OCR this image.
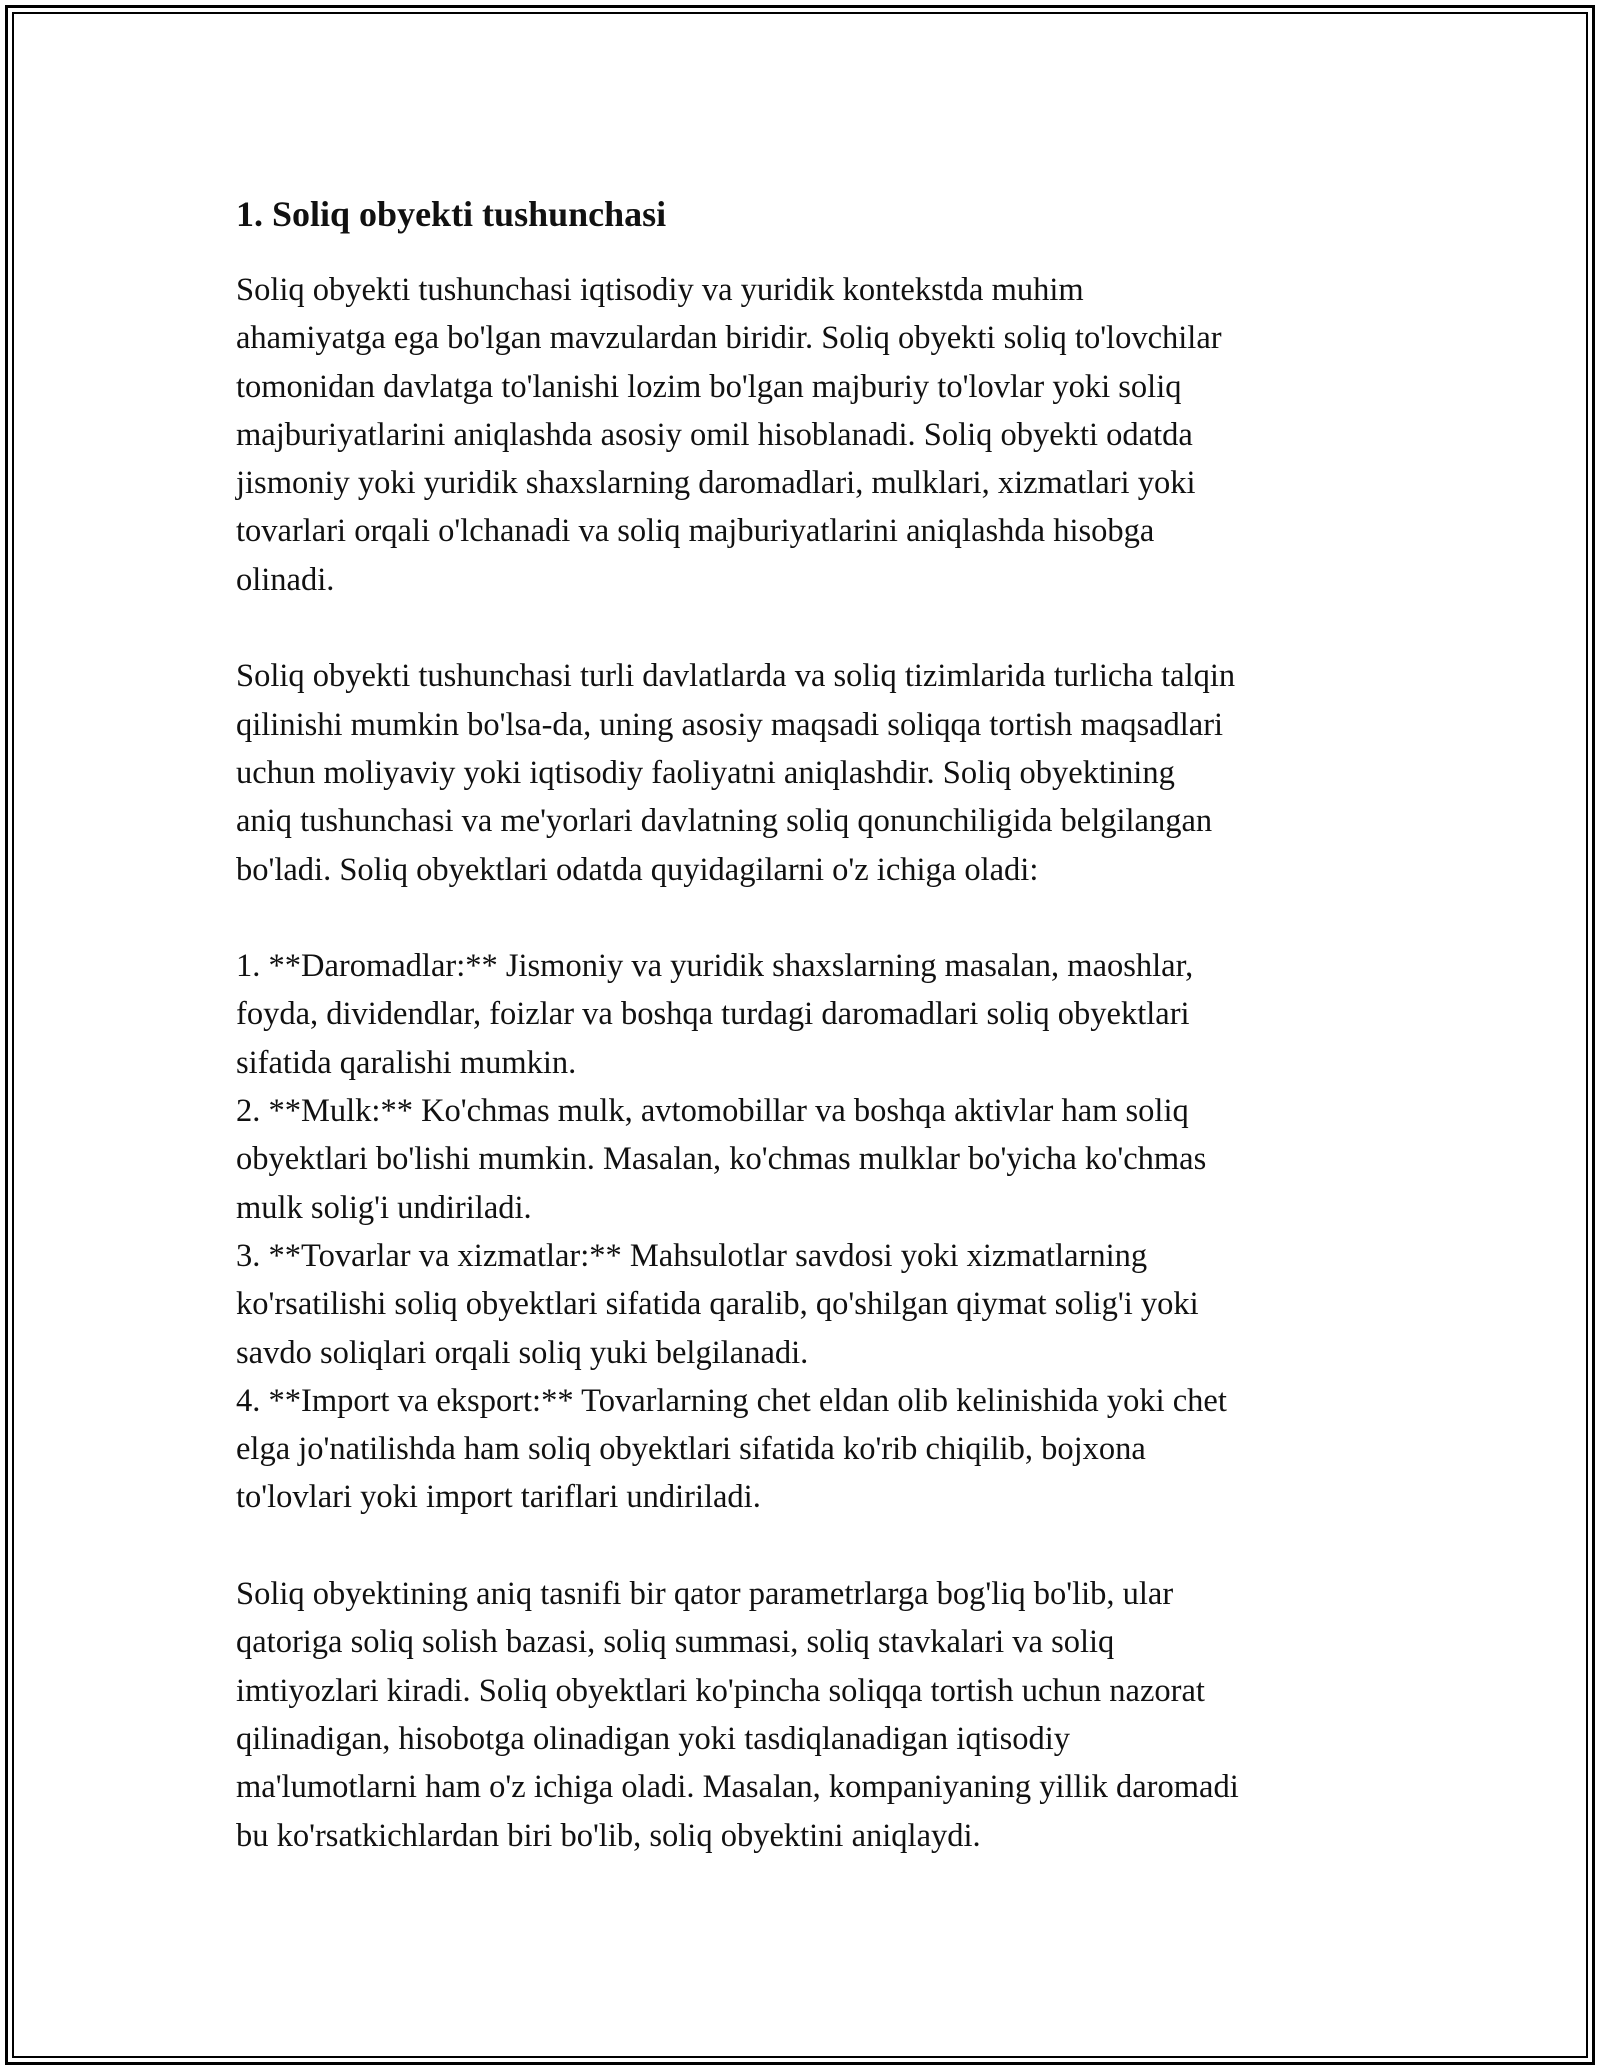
1. Soliq obyekti tushunchasi
Soliq obyekti tushunchasi iqtisodiy va yuridik kontekstda muhim
ahamiyatga ega bo'lgan mavzulardan biridir. Soliq obyekti soliq to'lovchilar
tomonidan davlatga to'lanishi lozim bo'lgan majburiy to'lovlar yoki soliq
majburiyatlarini aniqlashda asosiy omil hisoblanadi. Soliq obyekti odatda
jismoniy yoki yuridik shaxslarning daromadlari, mulklari, xizmatlari yoki
tovarlari orqali o'lchanadi va soliq majburiyatlarini aniqlashda hisobga
olinadi.
Soliq obyekti tushunchasi turli davlatlarda va soliq tizimlarida turlicha talqin
qilinishi mumkin bo'lsa-da, uning asosiy maqsadi soliqqa tortish maqsadlari
uchun moliyaviy yoki iqtisodiy faoliyatni aniqlashdir. Soliq obyektining
aniq tushunchasi va me'yorlari davlatning soliq qonunchiligida belgilangan
bo'ladi. Soliq obyektlari odatda quyidagilarni o'z ichiga oladi:
1. **Daromadlar:** Jismoniy va yuridik shaxslarning masalan, maoshlar,
foyda, dividendlar, foizlar va boshqa turdagi daromadlari soliq obyektlari
sifatida qaralishi mumkin.
2. **Mulk:** Ko'chmas mulk, avtomobillar va boshqa aktivlar ham soliq
obyektlari bo'lishi mumkin. Masalan, ko'chmas mulklar bo'yicha ko'chmas
mulk solig'i undiriladi.
3. **Tovarlar va xizmatlar:** Mahsulotlar savdosi yoki xizmatlarning
ko'rsatilishi soliq obyektlari sifatida qaralib, qo'shilgan qiymat solig'i yoki
savdo soliqlari orqali soliq yuki belgilanadi.
4. **Import va eksport:** Tovarlarning chet eldan olib kelinishida yoki chet
elga jo'natilishda ham soliq obyektlari sifatida ko'rib chiqilib, bojxona
to'lovlari yoki import tariflari undiriladi.
Soliq obyektining aniq tasnifi bir qator parametrlarga bog'liq bo'lib, ular
qatoriga soliq solish bazasi, soliq summasi, soliq stavkalari va soliq
imtiyozlari kiradi. Soliq obyektlari ko'pincha soliqqa tortish uchun nazorat
qilinadigan, hisobotga olinadigan yoki tasdiqlanadigan iqtisodiy
ma'lumotlarni ham o'z ichiga oladi. Masalan, kompaniyaning yillik daromadi
bu ko'rsatkichlardan biri bo'lib, soliq obyektini aniqlaydi.
